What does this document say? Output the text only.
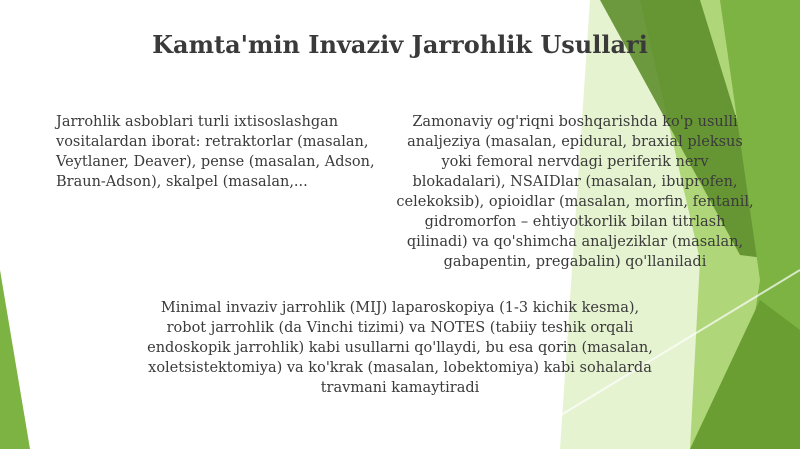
Kamta'min Invaziv Jarrohlik Usullari
Jarrohlik asboblari turli ixtisoslashgan vositalardan iborat: retraktorlar (masalan, Veytlaner, Deaver), pense (masalan, Adson, Braun-Adson), skalpel (masalan,...
Zamonaviy og'riqni boshqarishda ko'p usulli analjeziya (masalan, epidural, braxial pleksus yoki femoral nervdagi periferik nerv blokadalari), NSAIDlar (masalan, ibuprofen, celekoksib), opioidlar (masalan, morfin, fentanil, gidromorfon – ehtiyotkorlik bilan titrlash qilinadi) va qo'shimcha analjeziklar (masalan, gabapentin, pregabalin) qo'llaniladi
Minimal invaziv jarrohlik (MIJ) laparoskopiya (1-3 kichik kesma), robot jarrohlik (da Vinchi tizimi) va NOTES (tabiiy teshik orqali endoskopik jarrohlik) kabi usullarni qo'llaydi, bu esa qorin (masalan, xoletsistektomiya) va ko'krak (masalan, lobektomiya) kabi sohalarda travmani kamaytiradi
